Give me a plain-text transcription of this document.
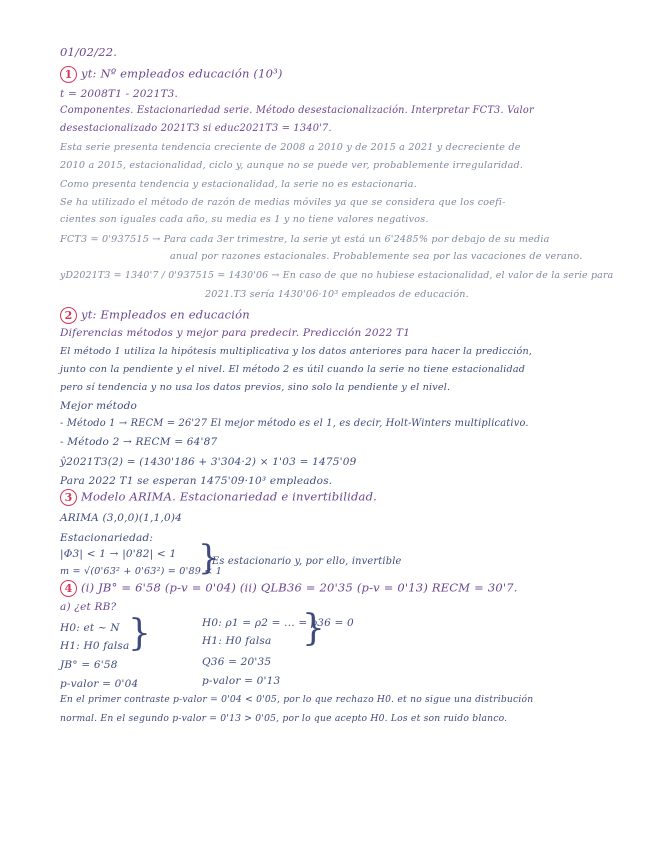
01/02/22.
1 yt: Nº empleados educación (10³)
t = 2008T1 - 2021T3.
Componentes. Estacionariedad serie. Método desestacionalización. Interpretar FCT3. Valor
desestacionalizado 2021T3 si educ2021T3 = 1340'7.
Esta serie presenta tendencia creciente de 2008 a 2010 y de 2015 a 2021 y decreciente de
2010 a 2015, estacionalidad, ciclo y, aunque no se puede ver, probablemente irregularidad.
Como presenta tendencia y estacionalidad, la serie no es estacionaria.
Se ha utilizado el método de razón de medias móviles ya que se considera que los coefi-
cientes son iguales cada año, su media es 1 y no tiene valores negativos.
FCT3 = 0'937515 → Para cada 3er trimestre, la serie yt está un 6'2485% por debajo de su media
anual por razones estacionales. Probablemente sea por las vacaciones de verano.
yD2021T3 = 1340'7 / 0'937515 = 1430'06 → En caso de que no hubiese estacionalidad, el valor de la serie para
2021.T3 sería 1430'06·10³ empleados de educación.
2 yt: Empleados en educación
Diferencias métodos y mejor para predecir. Predicción 2022 T1
El método 1 utiliza la hipótesis multiplicativa y los datos anteriores para hacer la predicción,
junto con la pendiente y el nivel. El método 2 es útil cuando la serie no tiene estacionalidad
pero sí tendencia y no usa los datos previos, sino solo la pendiente y el nivel.
Mejor método
- Método 1 → RECM = 26'27 El mejor método es el 1, es decir, Holt-Winters multiplicativo.
- Método 2 → RECM = 64'87
ŷ2021T3(2) = (1430'186 + 3'304·2) × 1'03 = 1475'09
Para 2022 T1 se esperan 1475'09·10³ empleados.
3 Modelo ARIMA. Estacionariedad e invertibilidad.
ARIMA (3,0,0)(1,1,0)4
Estacionariedad:
|Φ3| < 1 → |0'82| < 1
m = √(0'63² + 0'63²) = 0'89 < 1
}
Es estacionario y, por ello, invertible
4 (i) JB° = 6'58 (p-v = 0'04) (ii) QLB36 = 20'35 (p-v = 0'13) RECM = 30'7.
a) ¿et RB?
H0: et ~ N
H1: H0 falsa
}
JB° = 6'58
p-valor = 0'04
H0: ρ1 = ρ2 = ... = ρ36 = 0
H1: H0 falsa }
Q36 = 20'35
p-valor = 0'13
En el primer contraste p-valor = 0'04 < 0'05, por lo que rechazo H0. et no sigue una distribución
normal. En el segundo p-valor = 0'13 > 0'05, por lo que acepto H0. Los et son ruido blanco.
